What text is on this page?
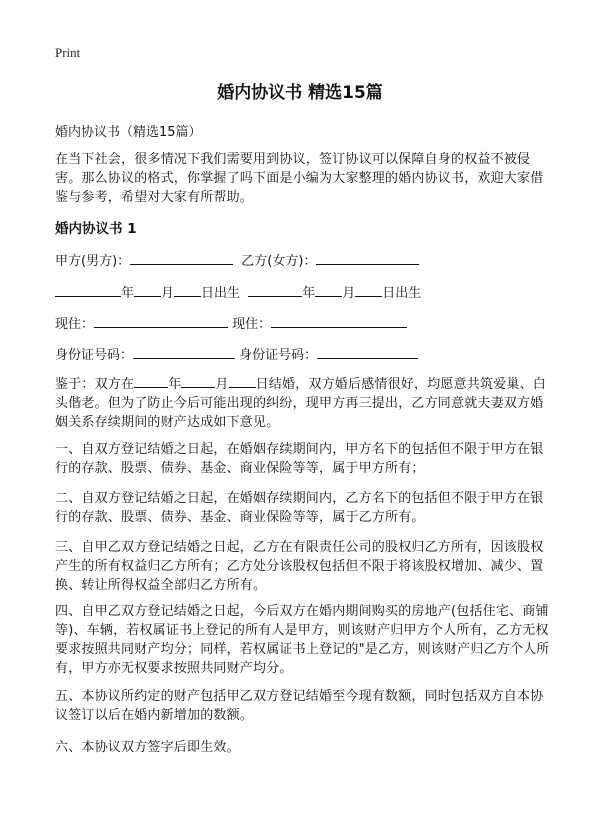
Print
婚内协议书 精选15篇
婚内协议书（精选15篇）
在当下社会，很多情况下我们需要用到协议，签订协议可以保障自身的权益不被侵害。那么协议的格式，你掌握了吗下面是小编为大家整理的婚内协议书，欢迎大家借鉴与参考，希望对大家有所帮助。
婚内协议书 1
甲方(男方)：	乙方(女方)：
年 月 日出生	年 月 日出生
现住：	现住：
身份证号码：	身份证号码：
鉴于：双方在	年	月 日结婚，双方婚后感情很好，均愿意共筑爱巢、白头偕老。但为了防止今后可能出现的纠纷，现甲方再三提出，乙方同意就夫妻双方婚姻关系存续期间的财产达成如下意见。
一、自双方登记结婚之日起，在婚姻存续期间内，甲方名下的包括但不限于甲方在银行的存款、股票、债券、基金、商业保险等等，属于甲方所有；
二、自双方登记结婚之日起，在婚姻存续期间内，乙方名下的包括但不限于甲方在银行的存款、股票、债券、基金、商业保险等等，属于乙方所有。
三、自甲乙双方登记结婚之日起，乙方在有限责任公司的股权归乙方所有，因该股权产生的所有权益归乙方所有；乙方处分该股权包括但不限于将该股权增加、减少、置换、转让所得权益全部归乙方所有。
四、自甲乙双方登记结婚之日起，今后双方在婚内期间购买的房地产(包括住宅、商铺等)、车辆，若权属证书上登记的所有人是甲方，则该财产归甲方个人所有，乙方无权要求按照共同财产均分；同样，若权属证书上登记的"是乙方，则该财产归乙方个人所有，甲方亦无权要求按照共同财产均分。
五、本协议所约定的财产包括甲乙双方登记结婚至今现有数额，同时包括双方自本协议签订以后在婚内新增加的数额。
六、本协议双方签字后即生效。
